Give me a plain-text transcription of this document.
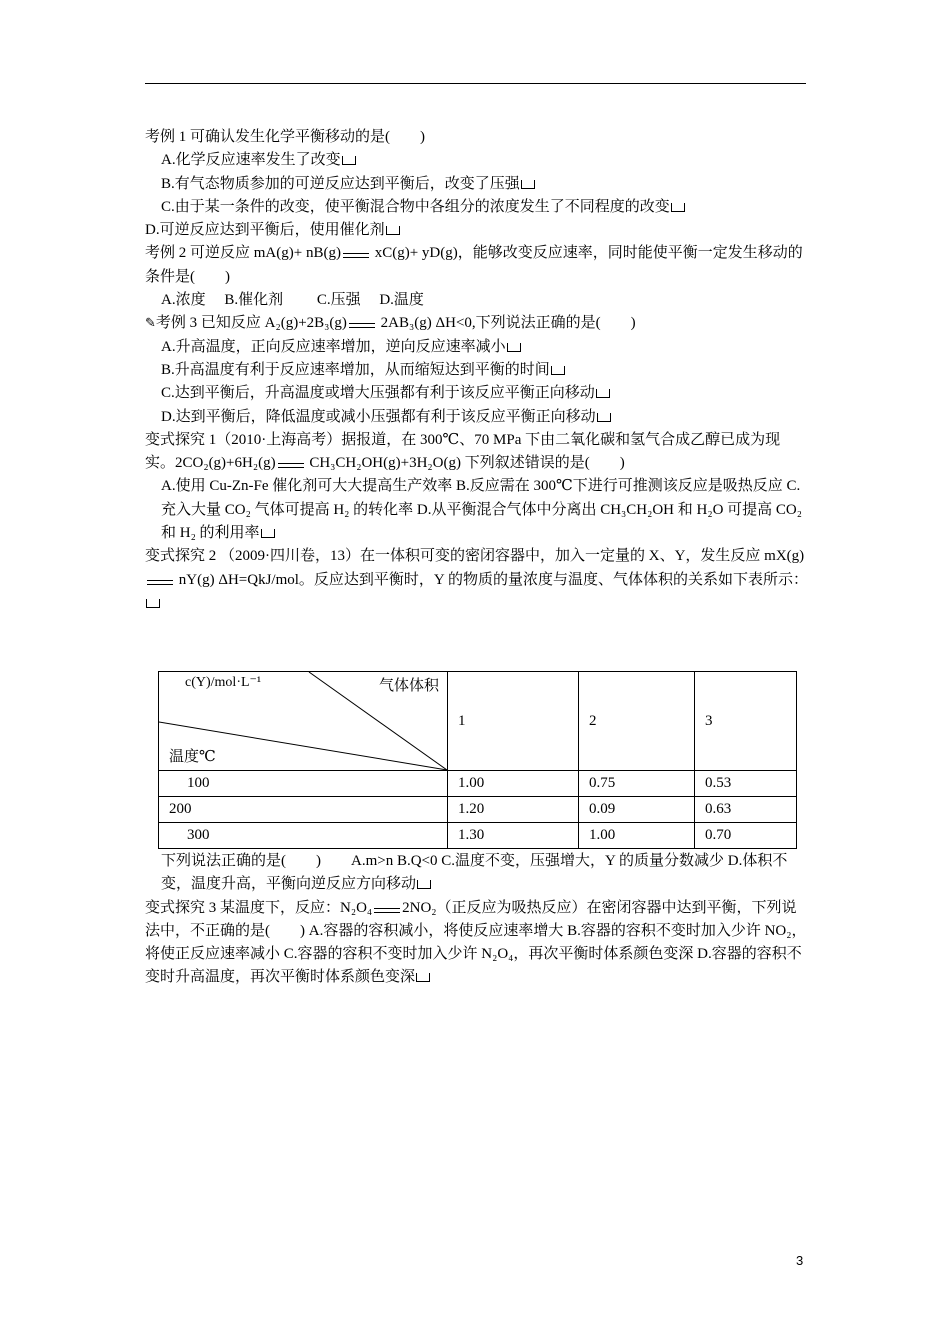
考例 1 可确认发生化学平衡移动的是(　　)

A.化学反应速率发生了改变

B.有气态物质参加的可逆反应达到平衡后，改变了压强

C.由于某一条件的改变，使平衡混合物中各组分的浓度发生了不同程度的改变

D.可逆反应达到平衡后，使用催化剂

考例 2 可逆反应 mA(g)+ nB(g) xC(g)+ yD(g)，能够改变反应速率，同时能使平衡一定发生移动的条件是(　　)

A.浓度　 B.催化剂　　 C.压强　 D.温度

✎考例 3 已知反应 A₂(g)+2B₃(g) 2AB₃(g) ΔH<0,下列说法正确的是(　　)

A.升高温度，正向反应速率增加，逆向反应速率减小

B.升高温度有利于反应速率增加，从而缩短达到平衡的时间

C.达到平衡后，升高温度或增大压强都有利于该反应平衡正向移动

D.达到平衡后，降低温度或减小压强都有利于该反应平衡正向移动

变式探究 1（2010·上海高考）据报道，在 300℃、70 MPa 下由二氧化碳和氢气合成乙醇已成为现实。2CO₂(g)+6H₂(g) CH₃CH₂OH(g)+3H₂O(g) 下列叙述错误的是(　　)

A.使用 Cu-Zn-Fe 催化剂可大大提高生产效率 B.反应需在 300℃下进行可推测该反应是吸热反应 C.充入大量 CO₂ 气体可提高 H₂ 的转化率 D.从平衡混合气体中分离出 CH₃CH₂OH 和 H₂O 可提高 CO₂ 和 H₂ 的利用率

变式探究 2 （2009·四川卷，13）在一体积可变的密闭容器中，加入一定量的 X、Y，发生反应 mX(g) nY(g) ΔH=QkJ/mol。反应达到平衡时，Y 的物质的量浓度与温度、气体体积的关系如下表所示：

c(Y)/mol·L⁻¹ 气体体积
温度℃	1	2	3
100	1.00	0.75	0.53
200	1.20	0.09	0.63
300	1.30	1.00	0.70

下列说法正确的是(　　)　　A.m>n B.Q<0 C.温度不变，压强增大，Y 的质量分数减少 D.体积不变，温度升高，平衡向逆反应方向移动

变式探究 3 某温度下，反应：N₂O₄ 2NO₂（正反应为吸热反应）在密闭容器中达到平衡，下列说法中，不正确的是(　　) A.容器的容积减小，将使反应速率增大 B.容器的容积不变时加入少许 NO₂，将使正反应速率减小 C.容器的容积不变时加入少许 N₂O₄，再次平衡时体系颜色变深 D.容器的容积不变时升高温度，再次平衡时体系颜色变深

3
